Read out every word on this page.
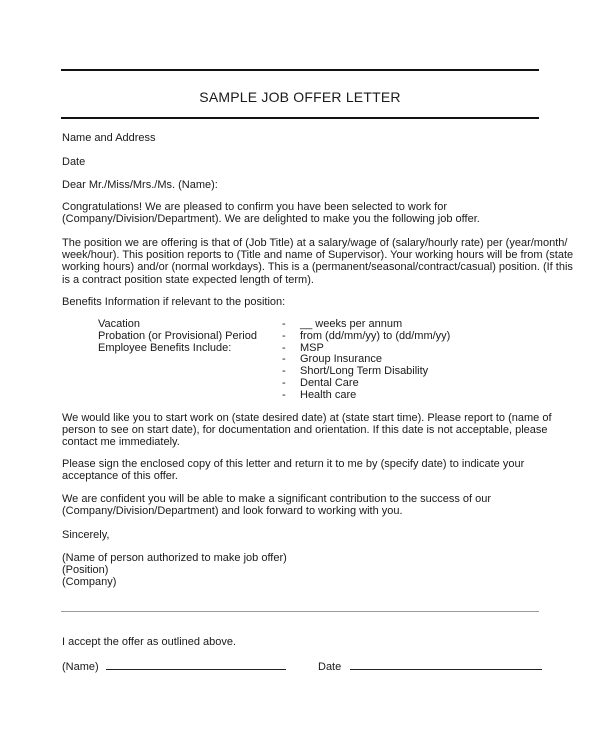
SAMPLE JOB OFFER LETTER
Name and Address
Date
Dear Mr./Miss/Mrs./Ms. (Name):
Congratulations! We are pleased to confirm you have been selected to work for
(Company/Division/Department). We are delighted to make you the following job offer.
The position we are offering is that of (Job Title) at a salary/wage of (salary/hourly rate) per (year/month/
week/hour). This position reports to (Title and name of Supervisor). Your working hours will be from (state
working hours) and/or (normal workdays). This is a (permanent/seasonal/contract/casual) position. (If this
is a contract position state expected length of term).
Benefits Information if relevant to the position:
Vacation	- __ weeks per annum
Probation (or Provisional) Period - from (dd/mm/yy) to (dd/mm/yy)
Employee Benefits Include:	- MSP
- Group Insurance
- Short/Long Term Disability
- Dental Care
- Health care
We would like you to start work on (state desired date) at (state start time). Please report to (name of
person to see on start date), for documentation and orientation. If this date is not acceptable, please
contact me immediately.
Please sign the enclosed copy of this letter and return it to me by (specify date) to indicate your
acceptance of this offer.
We are confident you will be able to make a significant contribution to the success of our
(Company/Division/Department) and look forward to working with you.
Sincerely,
(Name of person authorized to make job offer)
(Position)
(Company)
I accept the offer as outlined above.
(Name)	Date
